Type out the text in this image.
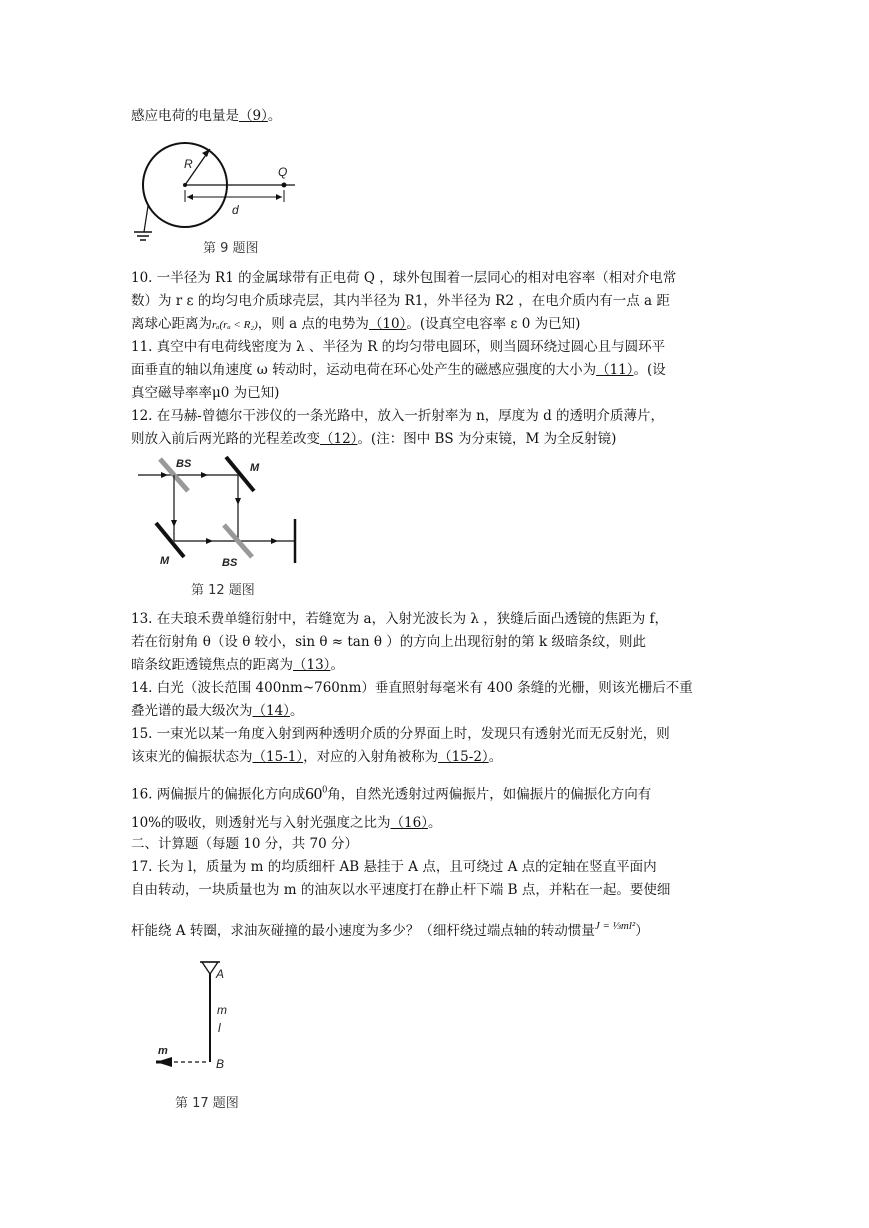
感应电荷的电量是（9）。
R
Q
d
第 9 题图
10. 一半径为 R1 的金属球带有正电荷 Q ，球外包围着一层同心的相对电容率（相对介电常
数）为 r ε 的均匀电介质球壳层，其内半径为 R1，外半径为 R2 ，在电介质内有一点 a 距
离球心距离为rₐ(rₐ < R₂)，则 a 点的电势为（10）。(设真空电容率 ε 0 为已知)
11. 真空中有电荷线密度为 λ 、半径为 R 的均匀带电圆环，则当圆环绕过圆心且与圆环平
面垂直的轴以角速度 ω 转动时，运动电荷在环心处产生的磁感应强度的大小为（11）。(设
真空磁导率率μ0 为已知)
12. 在马赫-曾德尔干涉仪的一条光路中，放入一折射率为 n，厚度为 d 的透明介质薄片，
则放入前后两光路的光程差改变（12）。(注：图中 BS 为分束镜，M 为全反射镜)
BS	M
M	BS
第 12 题图
13. 在夫琅禾费单缝衍射中，若缝宽为 a，入射光波长为 λ ，狭缝后面凸透镜的焦距为 f，
若在衍射角 θ（设 θ 较小，sin θ ≈ tan θ ）的方向上出现衍射的第 k 级暗条纹，则此
暗条纹距透镜焦点的距离为（13）。
14. 白光（波长范围 400nm~760nm）垂直照射每毫米有 400 条缝的光栅，则该光栅后不重
叠光谱的最大级次为（14）。
15. 一束光以某一角度入射到两种透明介质的分界面上时，发现只有透射光而无反射光，则
该束光的偏振状态为（15-1），对应的入射角被称为（15-2）。
16. 两偏振片的偏振化方向成$60^0$角，自然光透射过两偏振片，如偏振片的偏振化方向有
10%的吸收，则透射光与入射光强度之比为（16）。
二、计算题（每题 10 分，共 70 分）
17. 长为 l，质量为 m 的均质细杆 AB 悬挂于 A 点，且可绕过 A 点的定轴在竖直平面内
自由转动，一块质量也为 m 的油灰以水平速度打在静止杆下端 B 点，并粘在一起。要使细
杆能绕 A 转圈，求油灰碰撞的最小速度为多少？（细杆绕过端点轴的转动惯量$^{J = \frac{1}{3}ml^2}$）
A
m
l
B
m
第 17 题图
